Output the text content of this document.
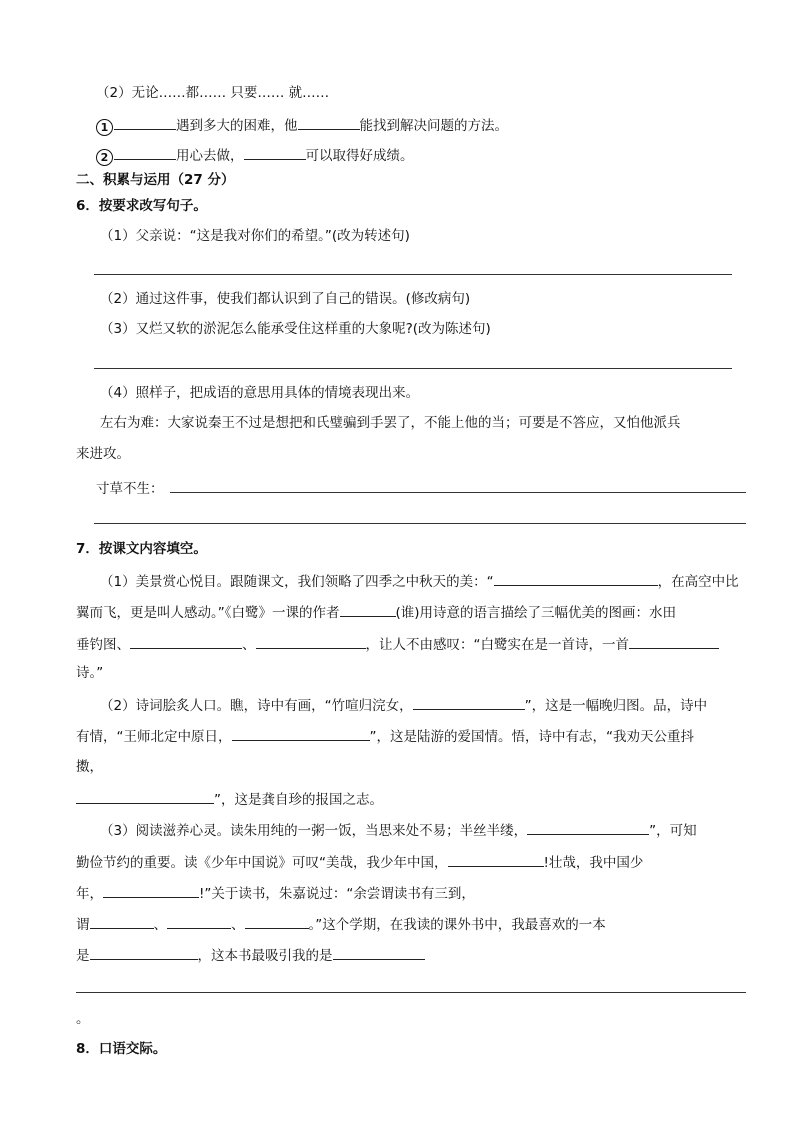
（2）无论……都…… 只要…… 就……
1	遇到多大的困难，他	能找到解决问题的方法。
2	用心去做，	可以取得好成绩。
二、积累与运用（27 分）
6．按要求改写句子。
（1）父亲说：“这是我对你们的希望。”(改为转述句)
（2）通过这件事，使我们都认识到了自己的错误。(修改病句)
（3）又烂又软的淤泥怎么能承受住这样重的大象呢?(改为陈述句)
（4）照样子，把成语的意思用具体的情境表现出来。
左右为难：大家说秦王不过是想把和氏璧骗到手罢了，不能上他的当；可要是不答应，又怕他派兵
来进攻。
寸草不生：
7．按课文内容填空。
（1）美景赏心悦目。跟随课文，我们领略了四季之中秋天的美：“	，在高空中比
翼而飞，更是叫人感动。”《白鹭》一课的作者	(谁)用诗意的语言描绘了三幅优美的图画：水田
垂钓图、	、	，让人不由感叹：“白鹭实在是一首诗，一首
诗。”
（2）诗词脍炙人口。瞧，诗中有画，“竹喧归浣女，	”，这是一幅晚归图。品，诗中
有情，“王师北定中原日，	”，这是陆游的爱国情。悟，诗中有志，“我劝天公重抖
擞，
”，这是龚自珍的报国之志。
（3）阅读滋养心灵。读朱用纯的一粥一饭，当思来处不易；半丝半缕，	”，可知
勤俭节约的重要。读《少年中国说》可叹“美哉，我少年中国，	!壮哉，我中国少
年，	!”关于读书，朱嘉说过：“余尝谓读书有三到，
谓	、	、	。”这个学期，在我读的课外书中，我最喜欢的一本
是	，这本书最吸引我的是
。
8．口语交际。
